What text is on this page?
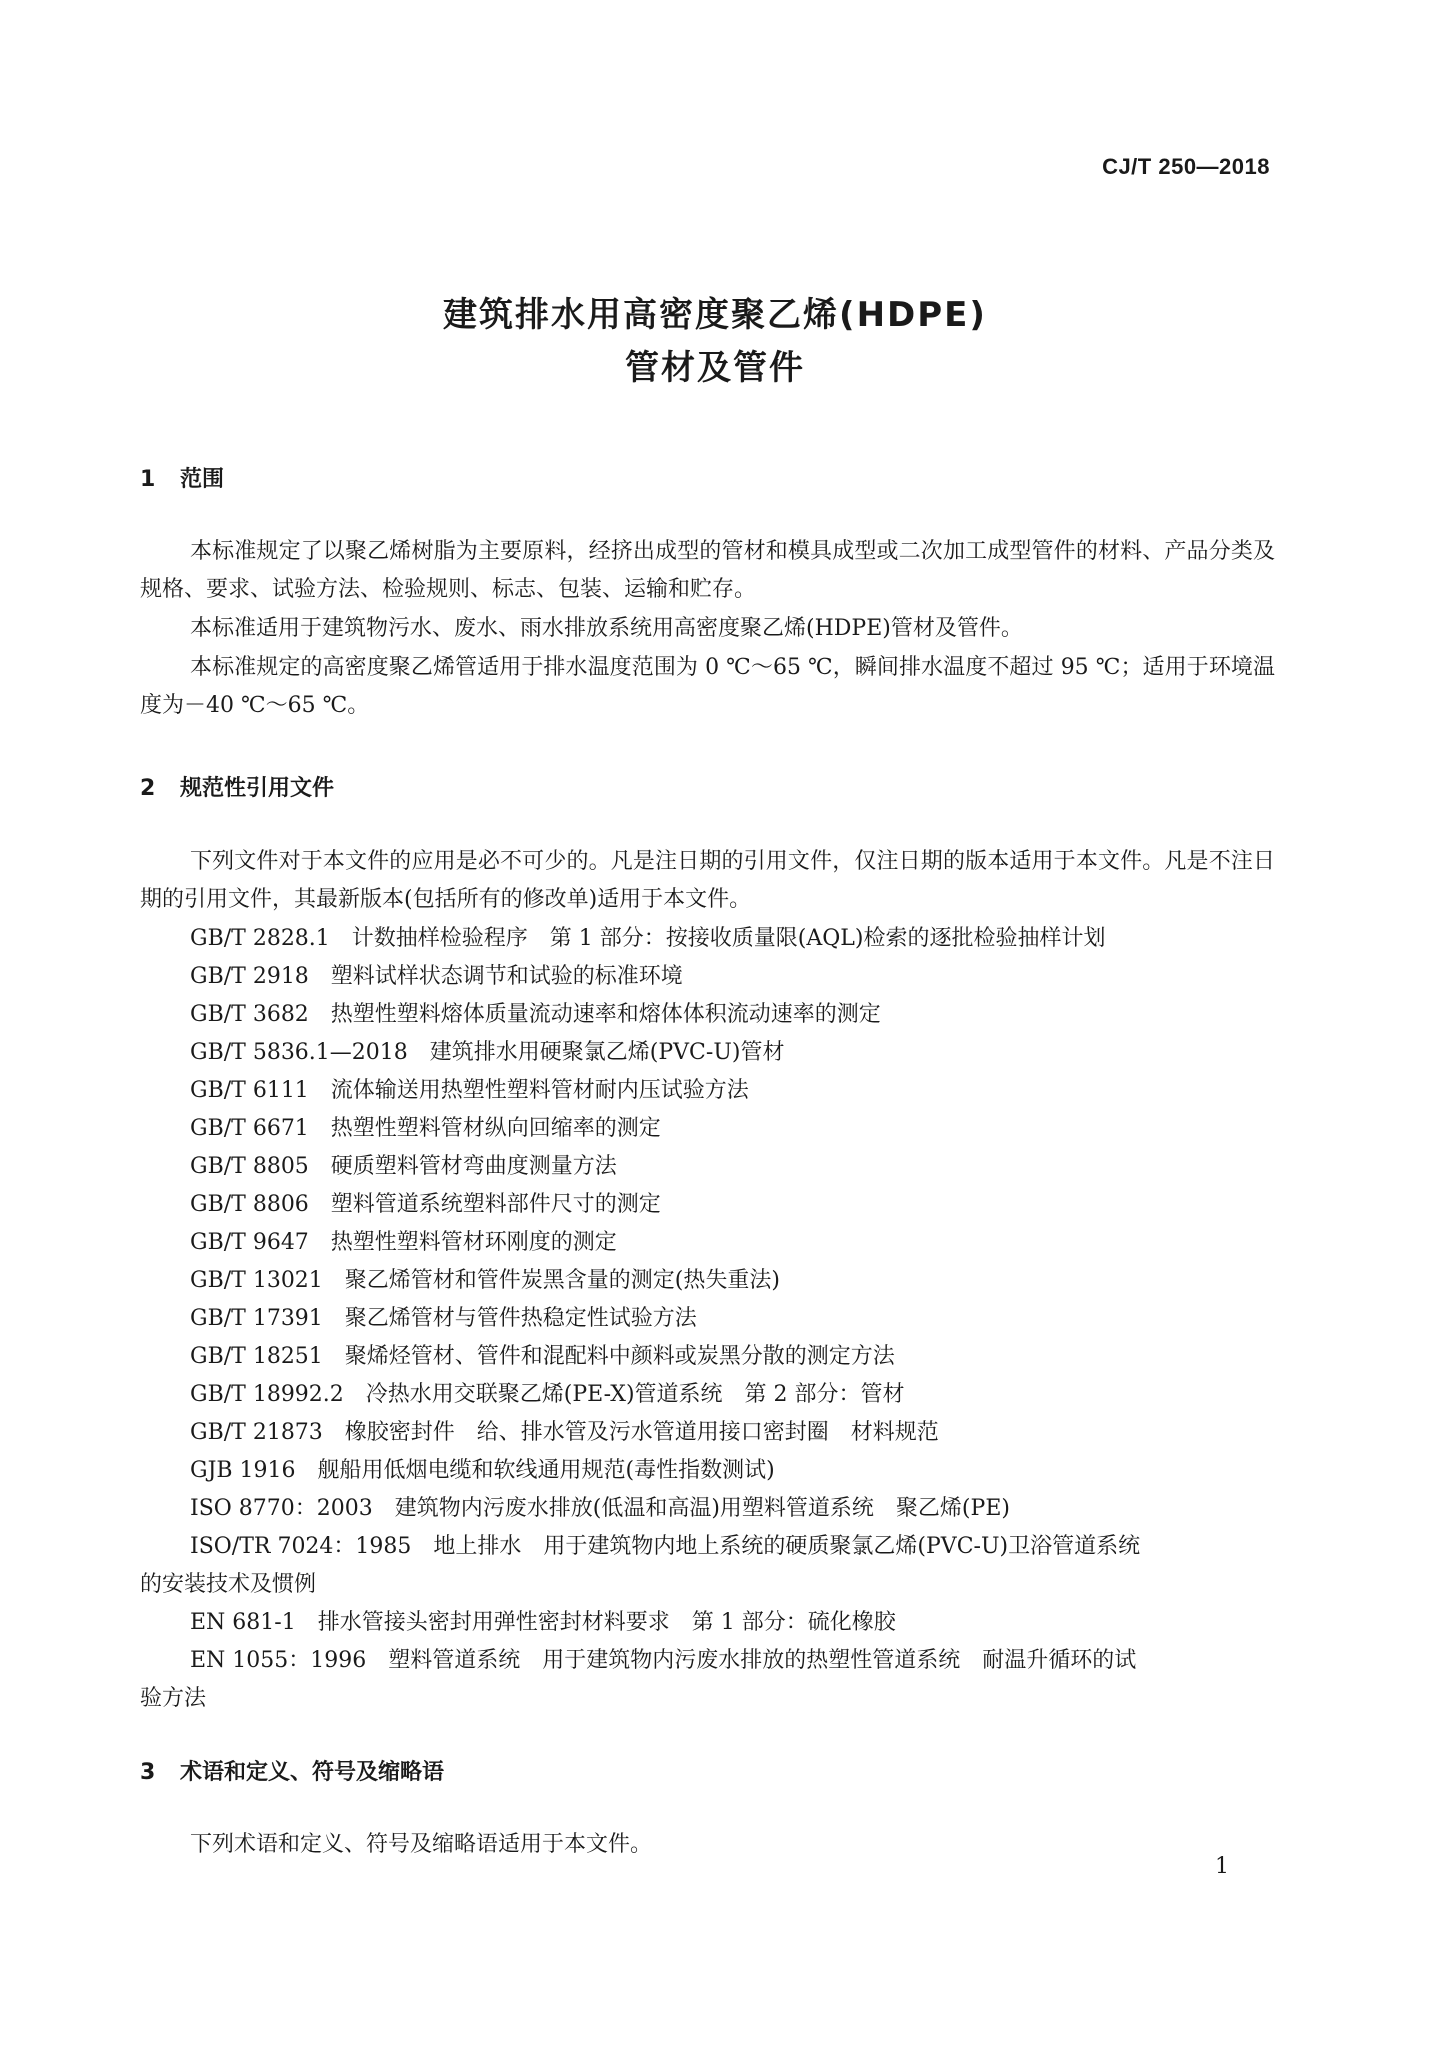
CJ/T 250—2018
建筑排水用高密度聚乙烯(HDPE)
管材及管件
1 范围
本标准规定了以聚乙烯树脂为主要原料，经挤出成型的管材和模具成型或二次加工成型管件的材料、产品分类及规格、要求、试验方法、检验规则、标志、包装、运输和贮存。
本标准适用于建筑物污水、废水、雨水排放系统用高密度聚乙烯(HDPE)管材及管件。
本标准规定的高密度聚乙烯管适用于排水温度范围为 0 ℃～65 ℃，瞬间排水温度不超过 95 ℃；适用于环境温度为－40 ℃～65 ℃。
2 规范性引用文件
下列文件对于本文件的应用是必不可少的。凡是注日期的引用文件，仅注日期的版本适用于本文件。凡是不注日期的引用文件，其最新版本(包括所有的修改单)适用于本文件。
GB/T 2828.1　计数抽样检验程序　第 1 部分：按接收质量限(AQL)检索的逐批检验抽样计划
GB/T 2918　塑料试样状态调节和试验的标准环境
GB/T 3682　热塑性塑料熔体质量流动速率和熔体体积流动速率的测定
GB/T 5836.1—2018　建筑排水用硬聚氯乙烯(PVC-U)管材
GB/T 6111　流体输送用热塑性塑料管材耐内压试验方法
GB/T 6671　热塑性塑料管材纵向回缩率的测定
GB/T 8805　硬质塑料管材弯曲度测量方法
GB/T 8806　塑料管道系统塑料部件尺寸的测定
GB/T 9647　热塑性塑料管材环刚度的测定
GB/T 13021　聚乙烯管材和管件炭黑含量的测定(热失重法)
GB/T 17391　聚乙烯管材与管件热稳定性试验方法
GB/T 18251　聚烯烃管材、管件和混配料中颜料或炭黑分散的测定方法
GB/T 18992.2　冷热水用交联聚乙烯(PE-X)管道系统　第 2 部分：管材
GB/T 21873　橡胶密封件　给、排水管及污水管道用接口密封圈　材料规范
GJB 1916　舰船用低烟电缆和软线通用规范(毒性指数测试)
ISO 8770：2003　建筑物内污废水排放(低温和高温)用塑料管道系统　聚乙烯(PE)
ISO/TR 7024：1985　地上排水　用于建筑物内地上系统的硬质聚氯乙烯(PVC-U)卫浴管道系统
的安装技术及惯例
EN 681-1　排水管接头密封用弹性密封材料要求　第 1 部分：硫化橡胶
EN 1055：1996　塑料管道系统　用于建筑物内污废水排放的热塑性管道系统　耐温升循环的试
验方法
3 术语和定义、符号及缩略语
下列术语和定义、符号及缩略语适用于本文件。
1
